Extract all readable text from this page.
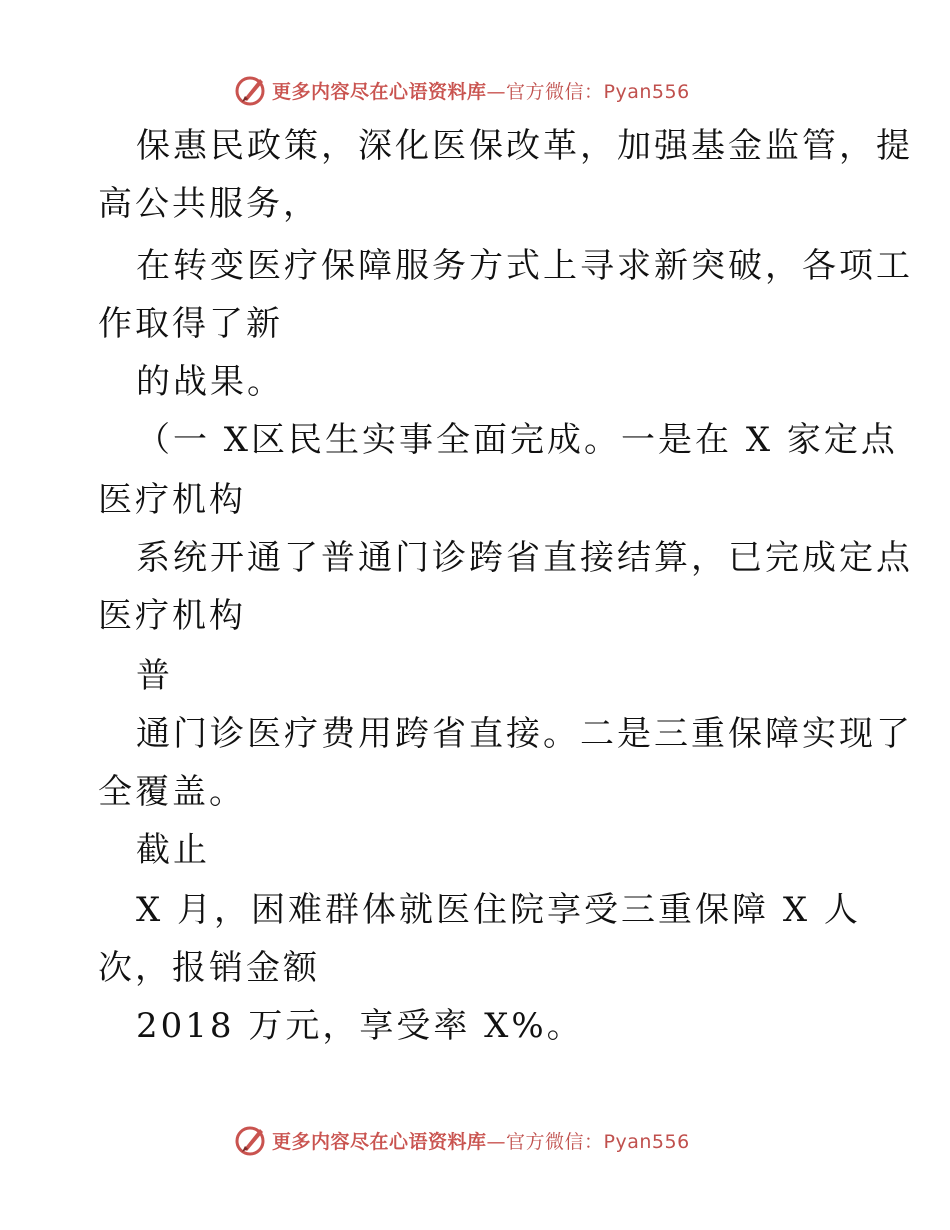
更多内容尽在心语资料库—官方微信：Pyan556
保惠民政策，深化医保改革，加强基金监管，提
高公共服务，
在转变医疗保障服务方式上寻求新突破，各项工
作取得了新
的战果。
（一 X区民生实事全面完成。一是在 X 家定点
医疗机构
系统开通了普通门诊跨省直接结算，已完成定点
医疗机构
普
通门诊医疗费用跨省直接。二是三重保障实现了
全覆盖。
截止
X 月，困难群体就医住院享受三重保障 X 人
次，报销金额
2018 万元，享受率 X%。
更多内容尽在心语资料库—官方微信：Pyan556
